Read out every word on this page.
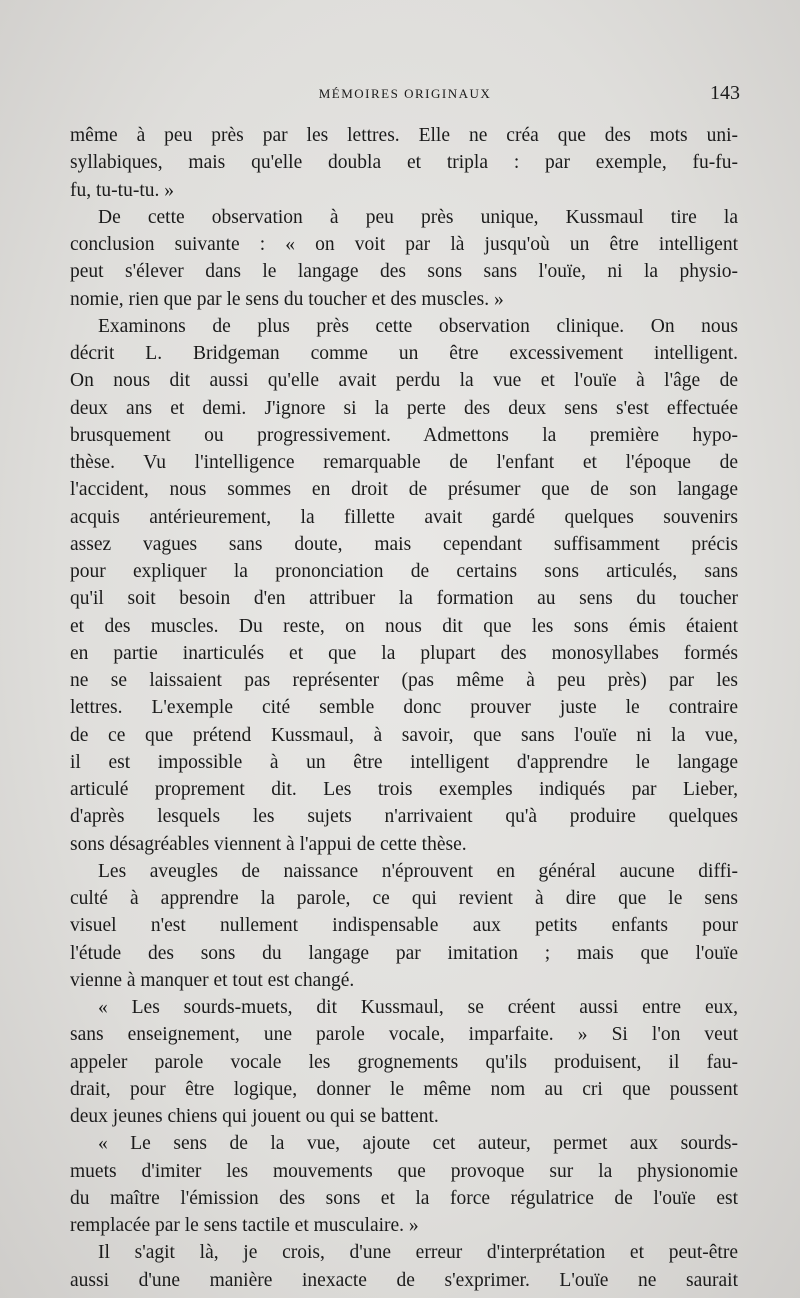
MÉMOIRES ORIGINAUX	143
même à peu près par les lettres. Elle ne créa que des mots uni-
syllabiques, mais qu'elle doubla et tripla : par exemple, fu-fu-
fu, tu-tu-tu. »
De cette observation à peu près unique, Kussmaul tire la
conclusion suivante : « on voit par là jusqu'où un être intelligent
peut s'élever dans le langage des sons sans l'ouïe, ni la physio-
nomie, rien que par le sens du toucher et des muscles. »
Examinons de plus près cette observation clinique. On nous
décrit L. Bridgeman comme un être excessivement intelligent.
On nous dit aussi qu'elle avait perdu la vue et l'ouïe à l'âge de
deux ans et demi. J'ignore si la perte des deux sens s'est effectuée
brusquement ou progressivement. Admettons la première hypo-
thèse. Vu l'intelligence remarquable de l'enfant et l'époque de
l'accident, nous sommes en droit de présumer que de son langage
acquis antérieurement, la fillette avait gardé quelques souvenirs
assez vagues sans doute, mais cependant suffisamment précis
pour expliquer la prononciation de certains sons articulés, sans
qu'il soit besoin d'en attribuer la formation au sens du toucher
et des muscles. Du reste, on nous dit que les sons émis étaient
en partie inarticulés et que la plupart des monosyllabes formés
ne se laissaient pas représenter (pas même à peu près) par les
lettres. L'exemple cité semble donc prouver juste le contraire
de ce que prétend Kussmaul, à savoir, que sans l'ouïe ni la vue,
il est impossible à un être intelligent d'apprendre le langage
articulé proprement dit. Les trois exemples indiqués par Lieber,
d'après lesquels les sujets n'arrivaient qu'à produire quelques
sons désagréables viennent à l'appui de cette thèse.
Les aveugles de naissance n'éprouvent en général aucune diffi-
culté à apprendre la parole, ce qui revient à dire que le sens
visuel n'est nullement indispensable aux petits enfants pour
l'étude des sons du langage par imitation ; mais que l'ouïe
vienne à manquer et tout est changé.
« Les sourds-muets, dit Kussmaul, se créent aussi entre eux,
sans enseignement, une parole vocale, imparfaite. » Si l'on veut
appeler parole vocale les grognements qu'ils produisent, il fau-
drait, pour être logique, donner le même nom au cri que poussent
deux jeunes chiens qui jouent ou qui se battent.
« Le sens de la vue, ajoute cet auteur, permet aux sourds-
muets d'imiter les mouvements que provoque sur la physionomie
du maître l'émission des sons et la force régulatrice de l'ouïe est
remplacée par le sens tactile et musculaire. »
Il s'agit là, je crois, d'une erreur d'interprétation et peut-être
aussi d'une manière inexacte de s'exprimer. L'ouïe ne saurait
